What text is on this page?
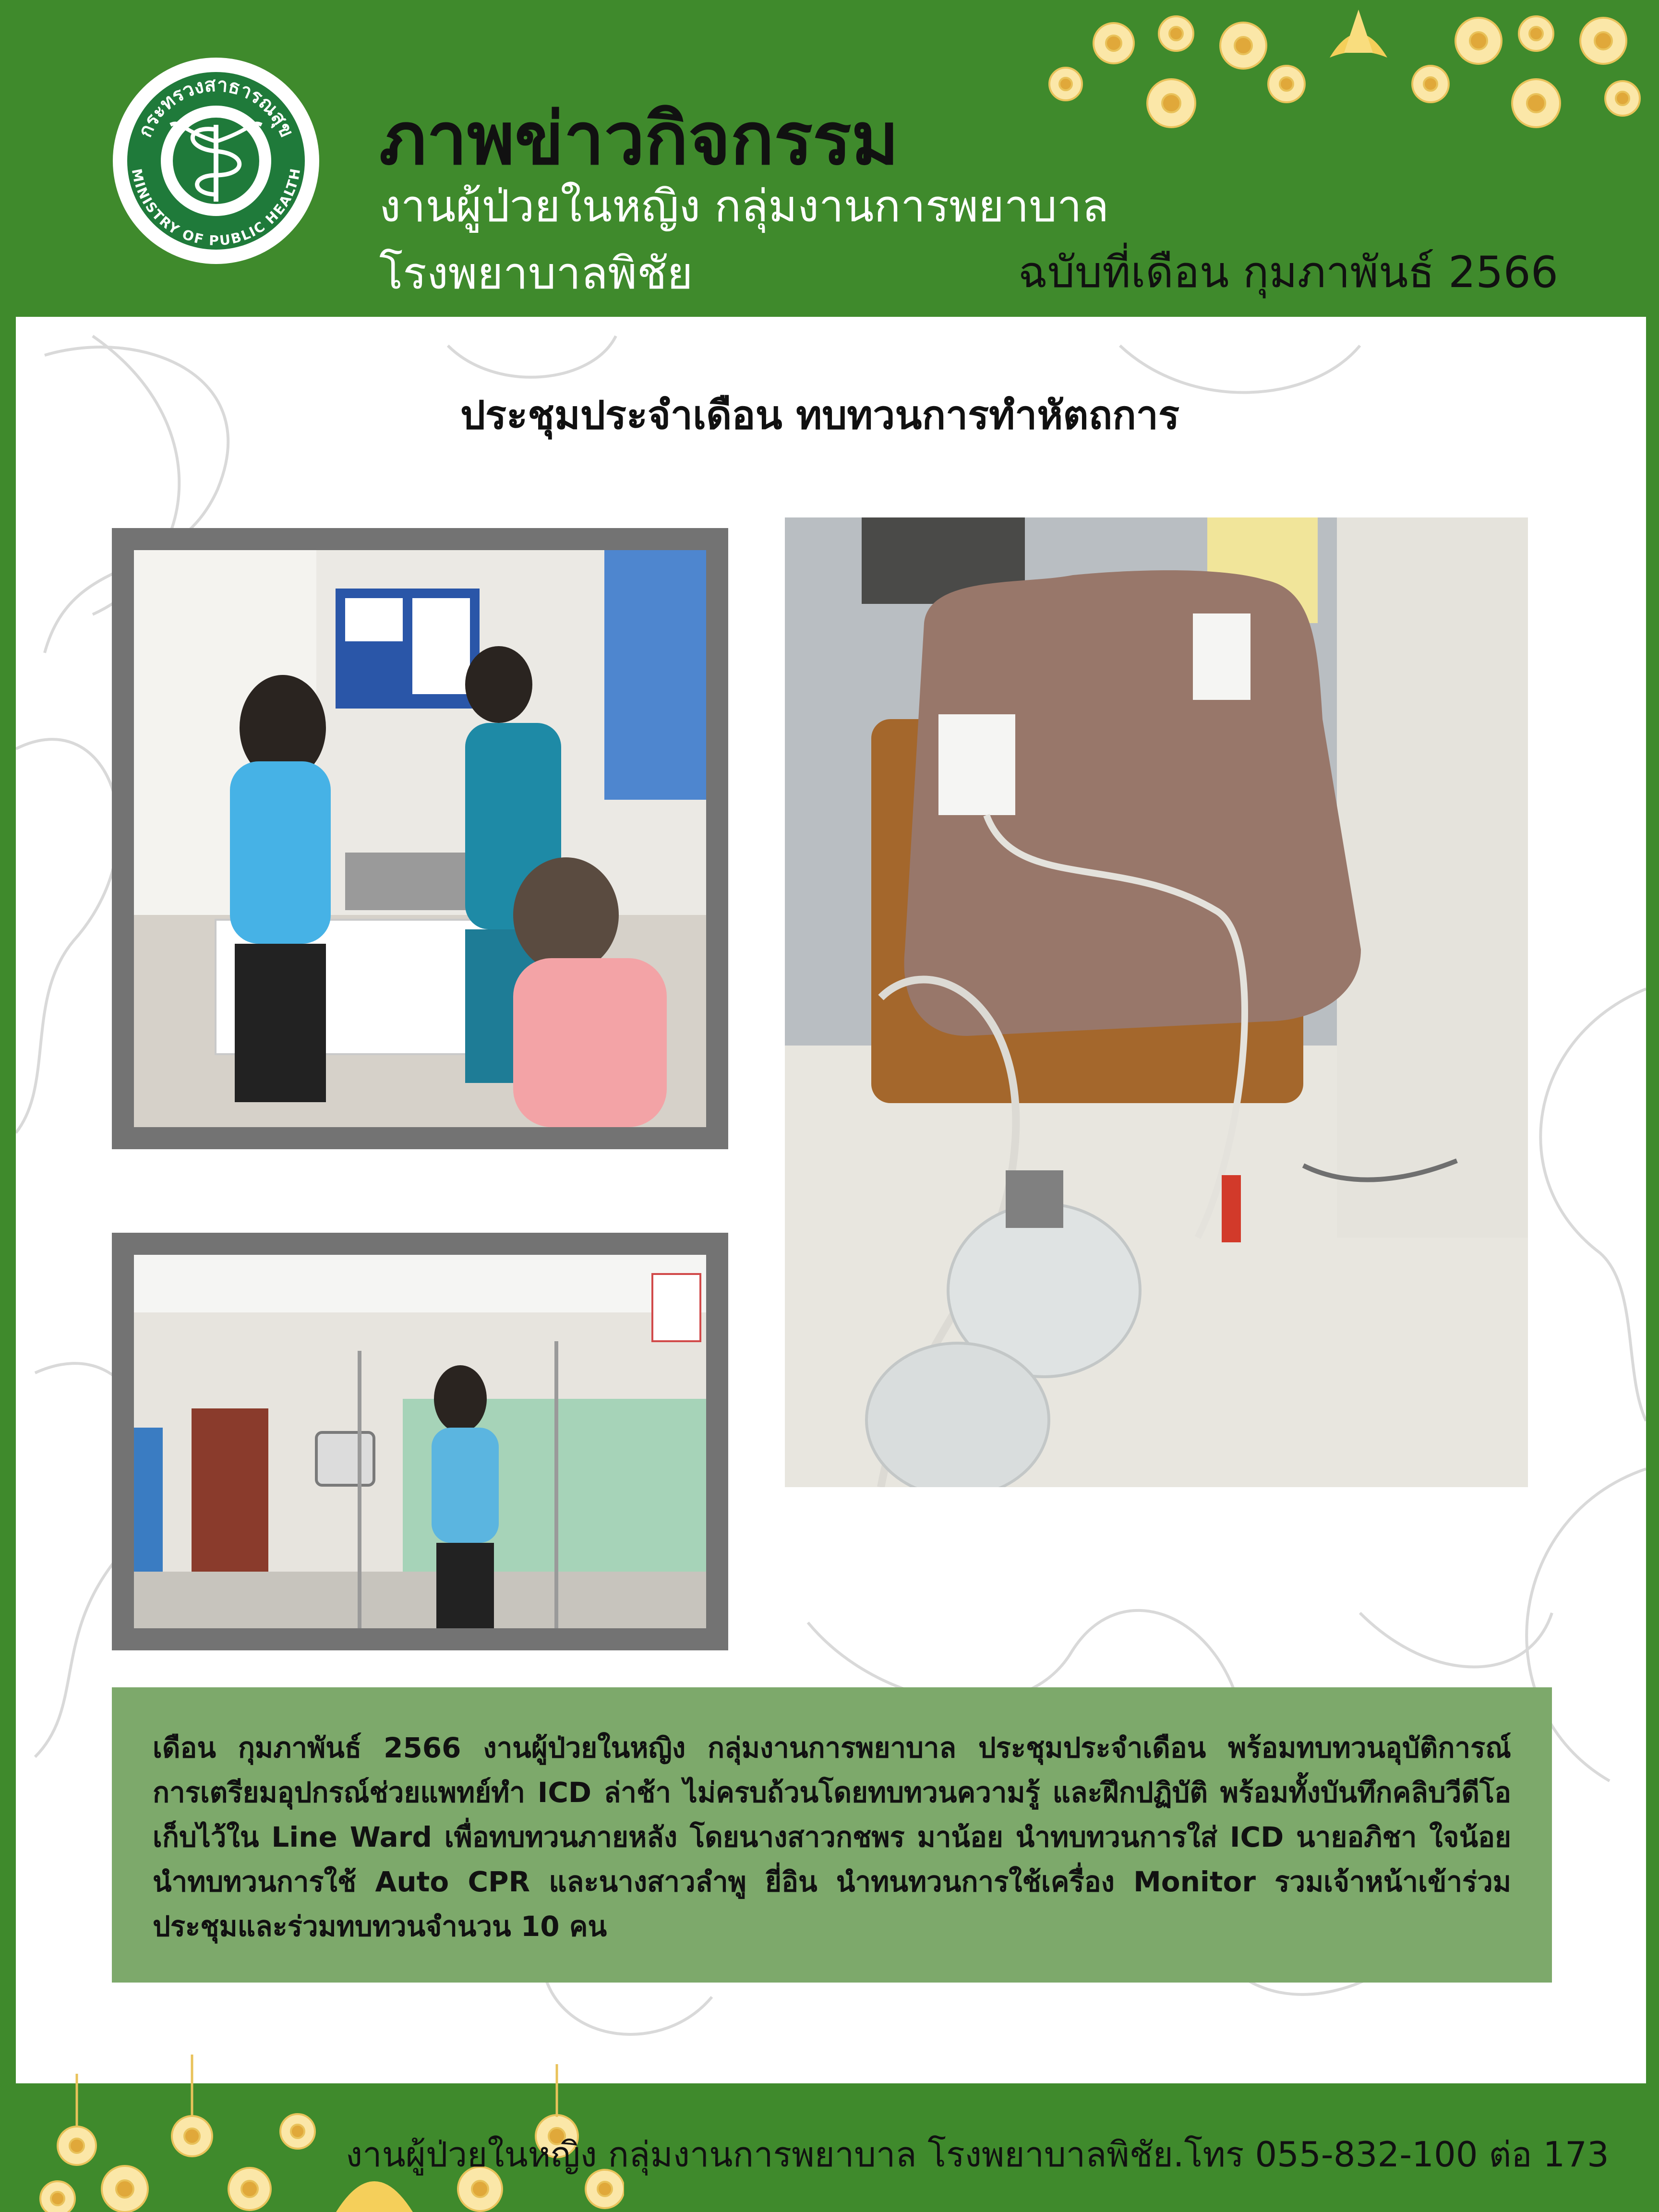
กระทรวงสาธารณสุข
MINISTRY OF PUBLIC HEALTH ภาพข่าวกิจกรรม
งานผู้ป่วยในหญิง กลุ่มงานการพยาบาล
โรงพยาบาลพิชัย	ฉบับที่เดือน กุมภาพันธ์ 2566
ประชุมประจำเดือน ทบทวนการทำหัตถการ
เดือน กุมภาพันธ์ 2566 งานผู้ป่วยในหญิง กลุ่มงานการพยาบาล ประชุมประจำเดือน พร้อมทบทวนอุบัติการณ์ การเตรียมอุปกรณ์ช่วยแพทย์ทำ ICD ล่าช้า ไม่ครบถ้วนโดยทบทวนความรู้ และฝึกปฏิบัติ พร้อมทั้งบันทึกคลิบวีดีโอ เก็บไว้ใน Line Ward เพื่อทบทวนภายหลัง โดยนางสาวกชพร มาน้อย นำทบทวนการใส่ ICD นายอภิชา ใจน้อยนำทบทวนการใช้ Auto CPR และนางสาวลำพู ยี่อิน นำทนทวนการใช้เครื่อง Monitor รวมเจ้าหน้าเข้าร่วมประชุมและร่วมทบทวนจำนวน 10 คน
งานผู้ป่วยในหญิง กลุ่มงานการพยาบาล โรงพยาบาลพิชัย.โทร 055-832-100 ต่อ 173
